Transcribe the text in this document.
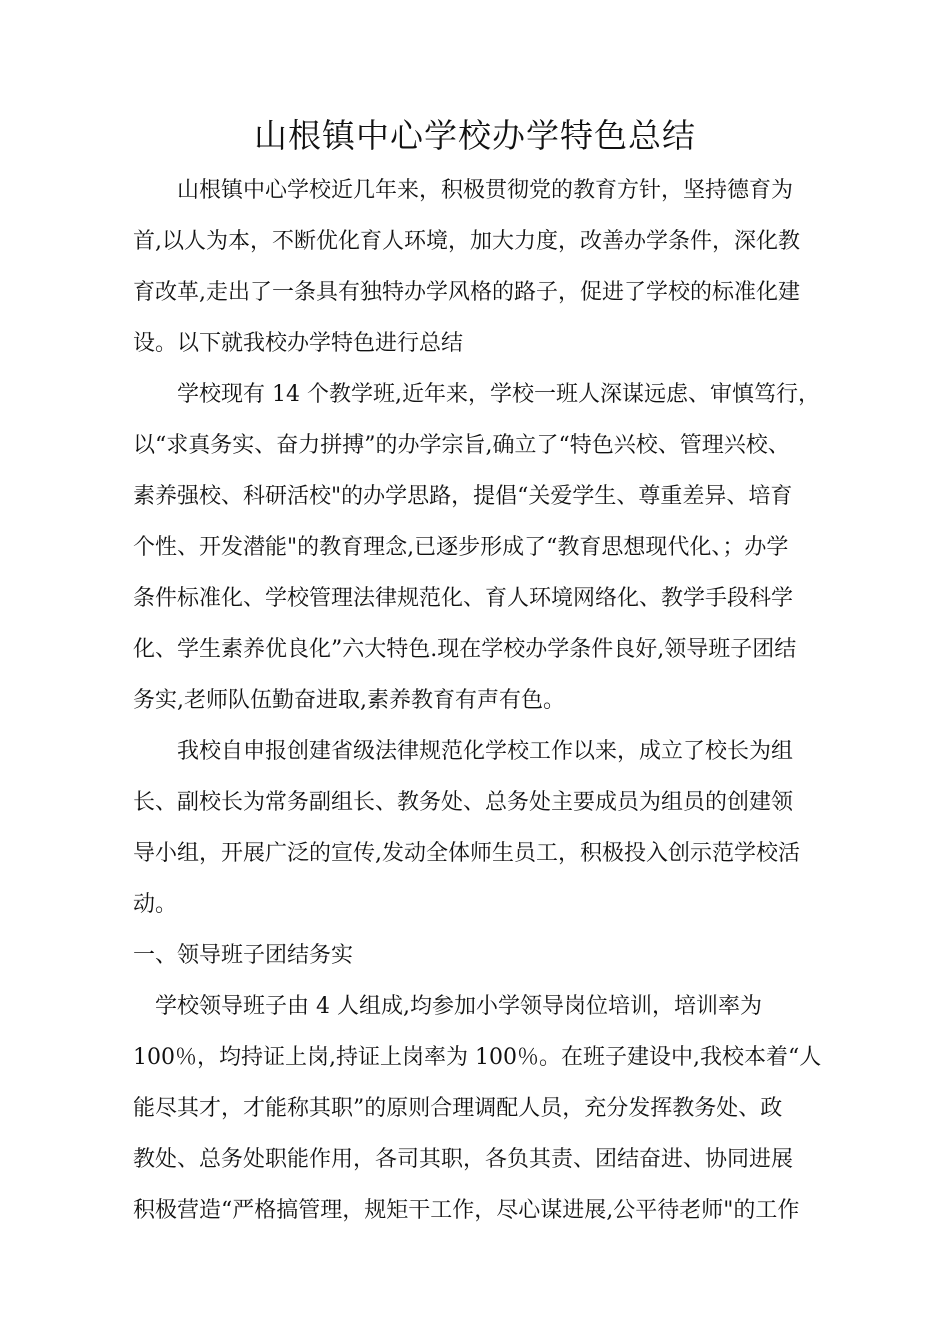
山根镇中心学校办学特色总结

　　山根镇中心学校近几年来，积极贯彻党的教育方针，坚持德育为

首,以人为本，不断优化育人环境，加大力度，改善办学条件，深化教

育改革,走出了一条具有独特办学风格的路子，促进了学校的标准化建

设。以下就我校办学特色进行总结

　　学校现有 14 个教学班,近年来，学校一班人深谋远虑、审慎笃行，

以“求真务实、奋力拼搏”的办学宗旨,确立了“特色兴校、管理兴校、

素养强校、科研活校"的办学思路，提倡“关爱学生、尊重差异、培育

个性、开发潜能"的教育理念,已逐步形成了“教育思想现代化、；办学

条件标准化、学校管理法律规范化、育人环境网络化、教学手段科学

化、学生素养优良化”六大特色.现在学校办学条件良好,领导班子团结

务实,老师队伍勤奋进取,素养教育有声有色。

　　我校自申报创建省级法律规范化学校工作以来，成立了校长为组

长、副校长为常务副组长、教务处、总务处主要成员为组员的创建领

导小组，开展广泛的宣传,发动全体师生员工，积极投入创示范学校活

动。

一、领导班子团结务实

　学校领导班子由 4 人组成,均参加小学领导岗位培训，培训率为

100％，均持证上岗,持证上岗率为 100％。在班子建设中,我校本着“人

能尽其才，才能称其职”的原则合理调配人员，充分发挥教务处、政

教处、总务处职能作用，各司其职，各负其责、团结奋进、协同进展

积极营造“严格搞管理，规矩干工作，尽心谋进展,公平待老师"的工作
